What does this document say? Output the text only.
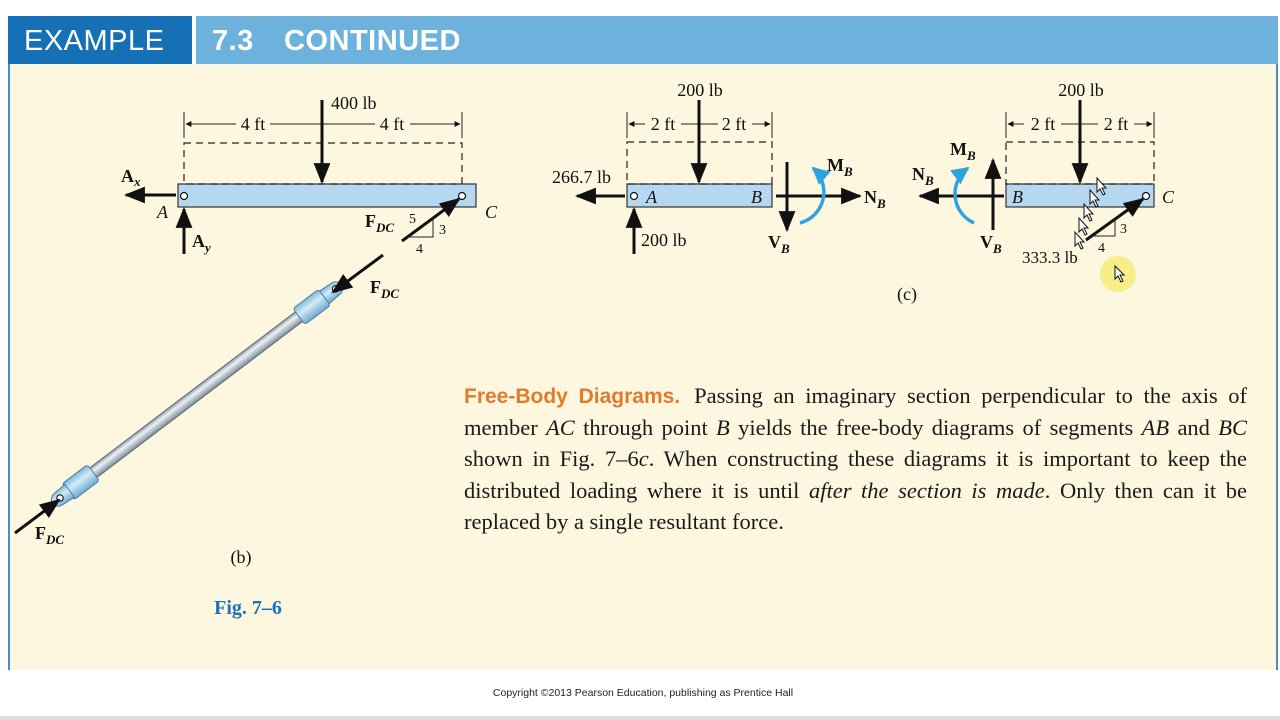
EXAMPLE 7.3 CONTINUED
4 ft	4 ft
400 lb
$A_x$
$A_y$
A	C
$F_{DC}$
5
3
4
$F_{DC}$
$F_{DC}$
(b)
2 ft	2 ft
200 lb
266.7 lb
200 lb
A	B	$N_B$
$V_B$
$M_B$
2 ft	2 ft
200 lb
$N_B$
$V_B$
$M_B$
B	C
333.3 lb
3
4
(c)
Fig. 7–6
Free-Body Diagrams. Passing an imaginary section perpendicular to the axis of member AC through point B yields the free-body diagrams of segments AB and BC shown in Fig. 7–6c. When constructing these diagrams it is important to keep the distributed loading where it is until after the section is made. Only then can it be replaced by a single resultant force.
Copyright ©2013 Pearson Education, publishing as Prentice Hall
